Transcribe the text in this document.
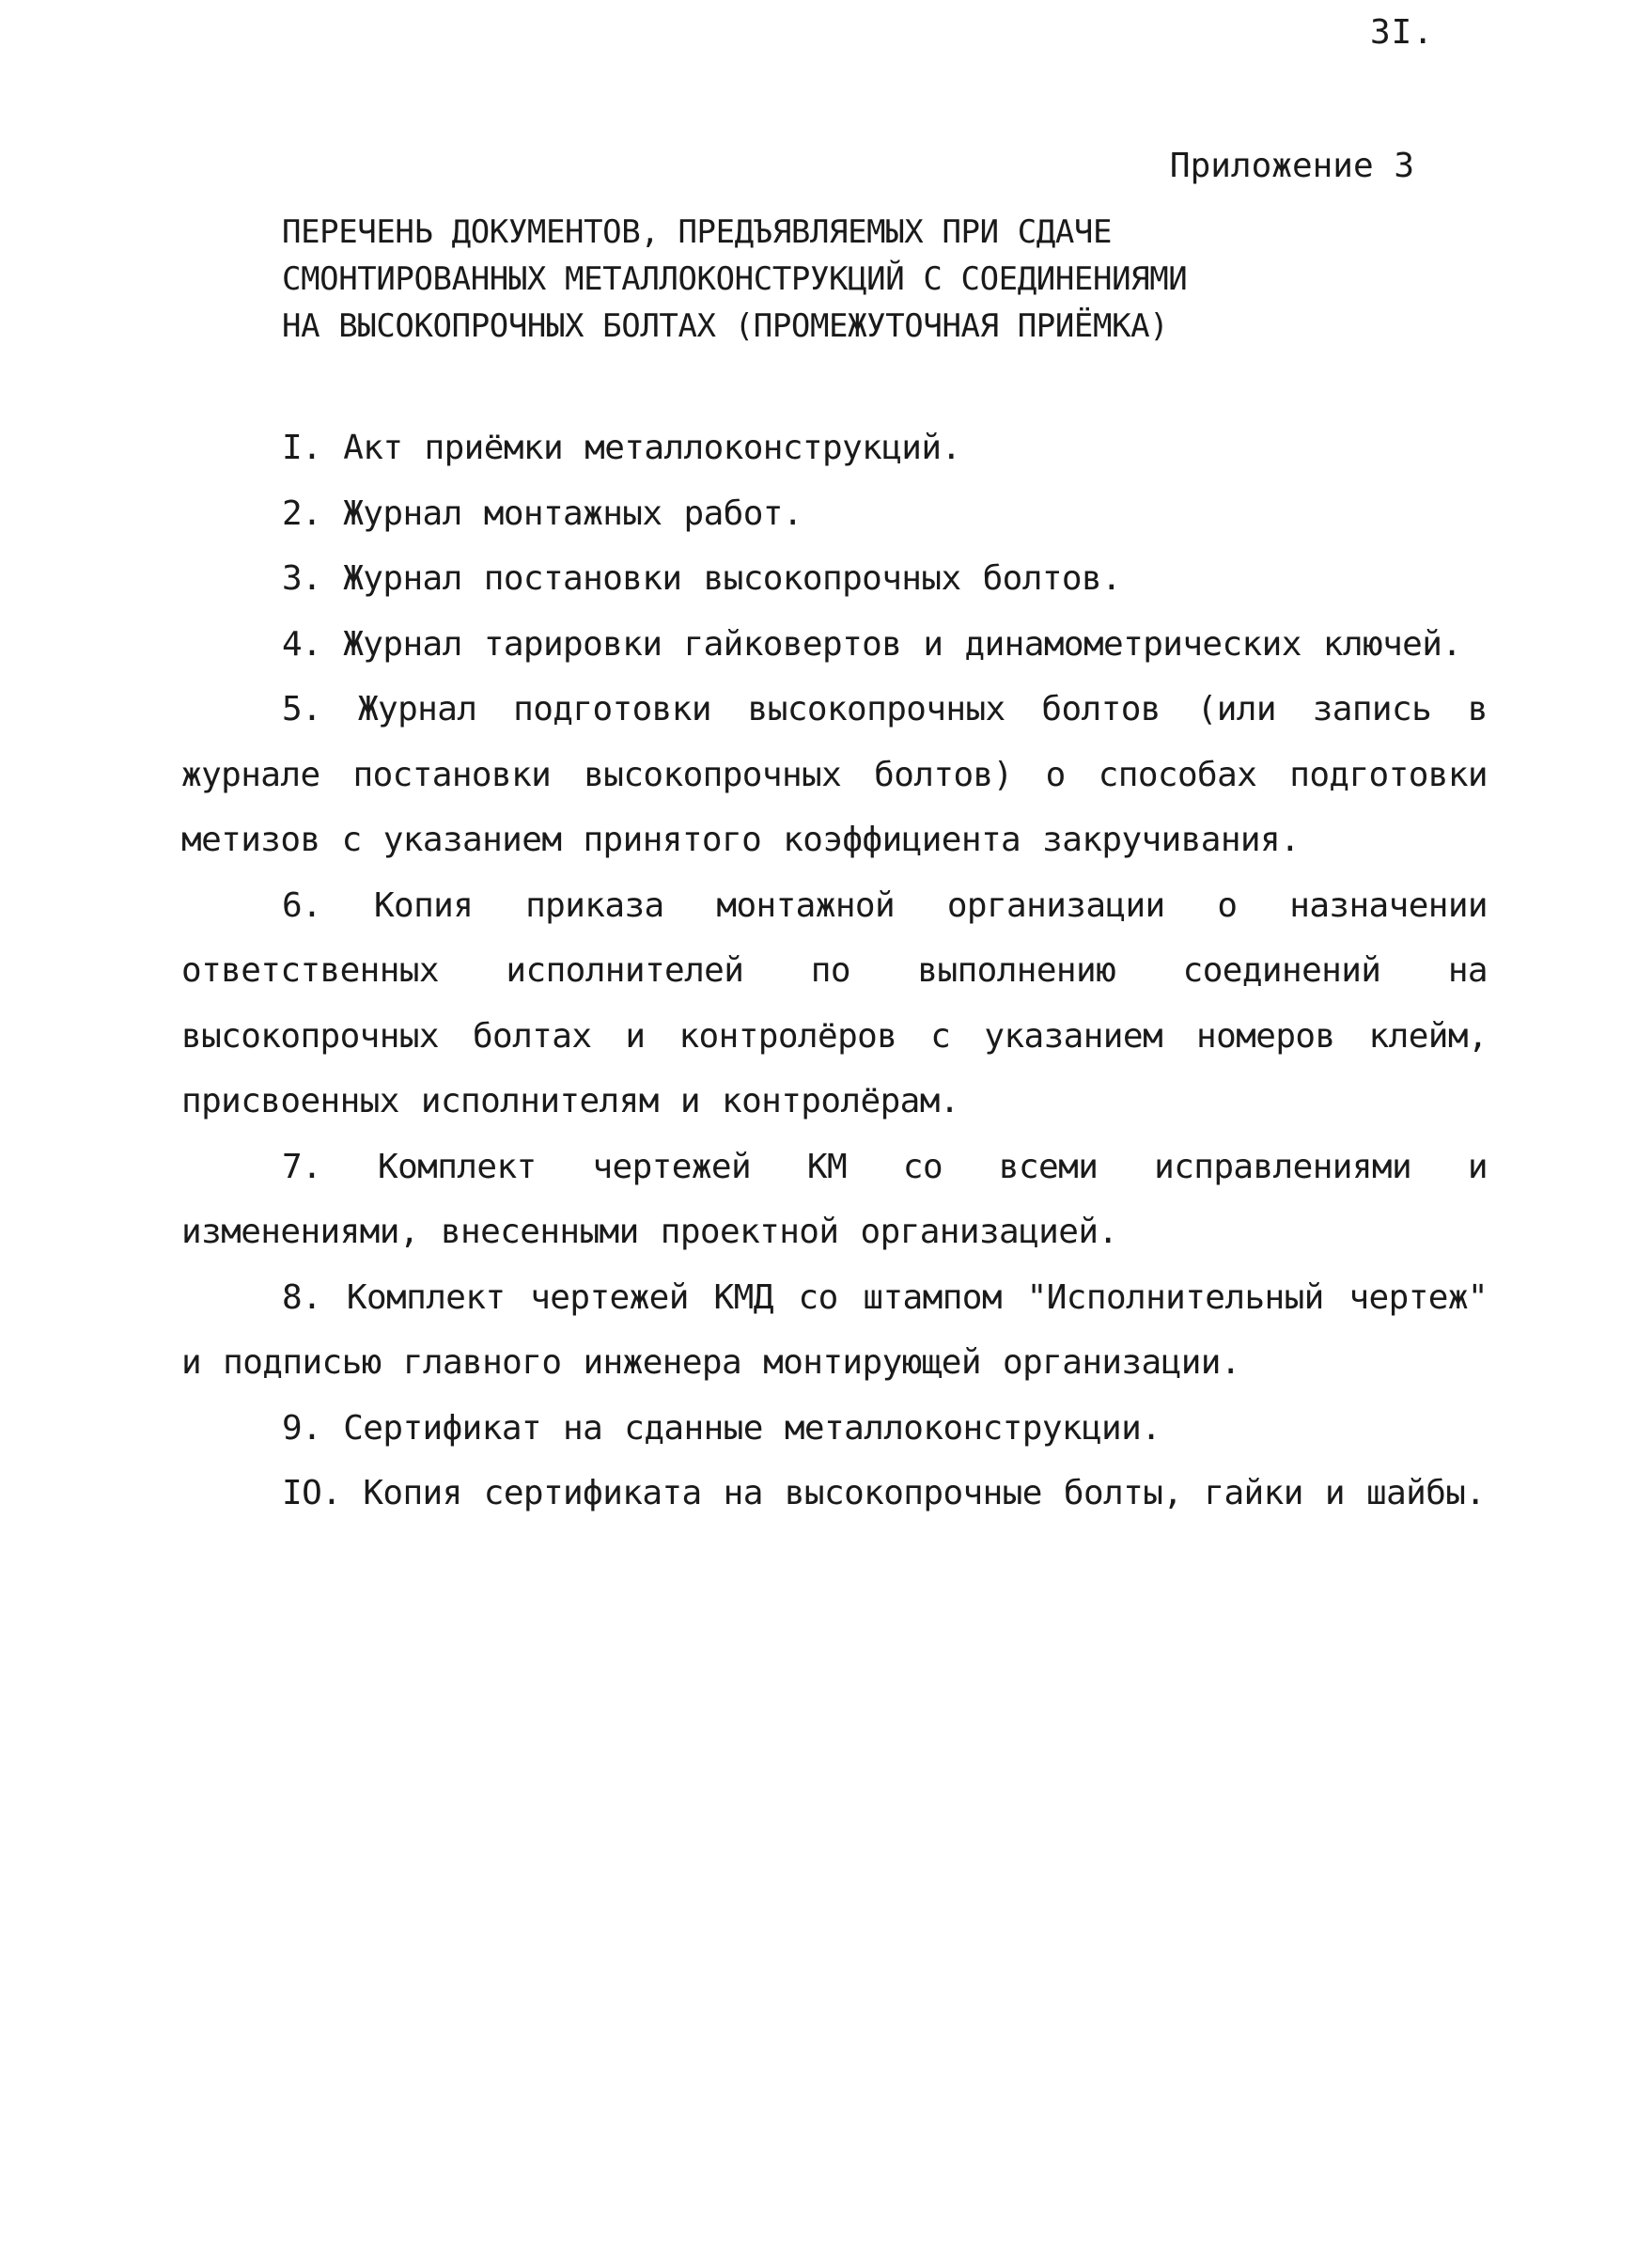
3I.
Приложение 3
ПЕРЕЧЕНЬ ДОКУМЕНТОВ, ПРЕДЪЯВЛЯЕМЫХ ПРИ СДАЧЕ
СМОНТИРОВАННЫХ МЕТАЛЛОКОНСТРУКЦИЙ С СОЕДИНЕНИЯМИ
НА ВЫСОКОПРОЧНЫХ БОЛТАХ (ПРОМЕЖУТОЧНАЯ ПРИЁМКА)

I. Акт приёмки металлоконструкций.

2. Журнал монтажных работ.

3. Журнал постановки высокопрочных болтов.

4. Журнал тарировки гайковертов и динамометрических ключей.

5. Журнал подготовки высокопрочных болтов (или запись в журнале постановки высокопрочных болтов) о способах подготовки метизов с указанием принятого коэффициента закручивания.

6. Копия приказа монтажной организации о назначении ответственных исполнителей по выполнению соединений на высокопрочных болтах и контролёров с указанием номеров клейм, присвоенных исполнителям и контролёрам.

7. Комплект чертежей КМ со всеми исправлениями и изменениями, внесенными проектной организацией.

8. Комплект чертежей КМД со штампом "Исполнительный чертеж" и подписью главного инженера монтирующей организации.

9. Сертификат на сданные металлоконструкции.

IO. Копия сертификата на высокопрочные болты, гайки и шайбы.
